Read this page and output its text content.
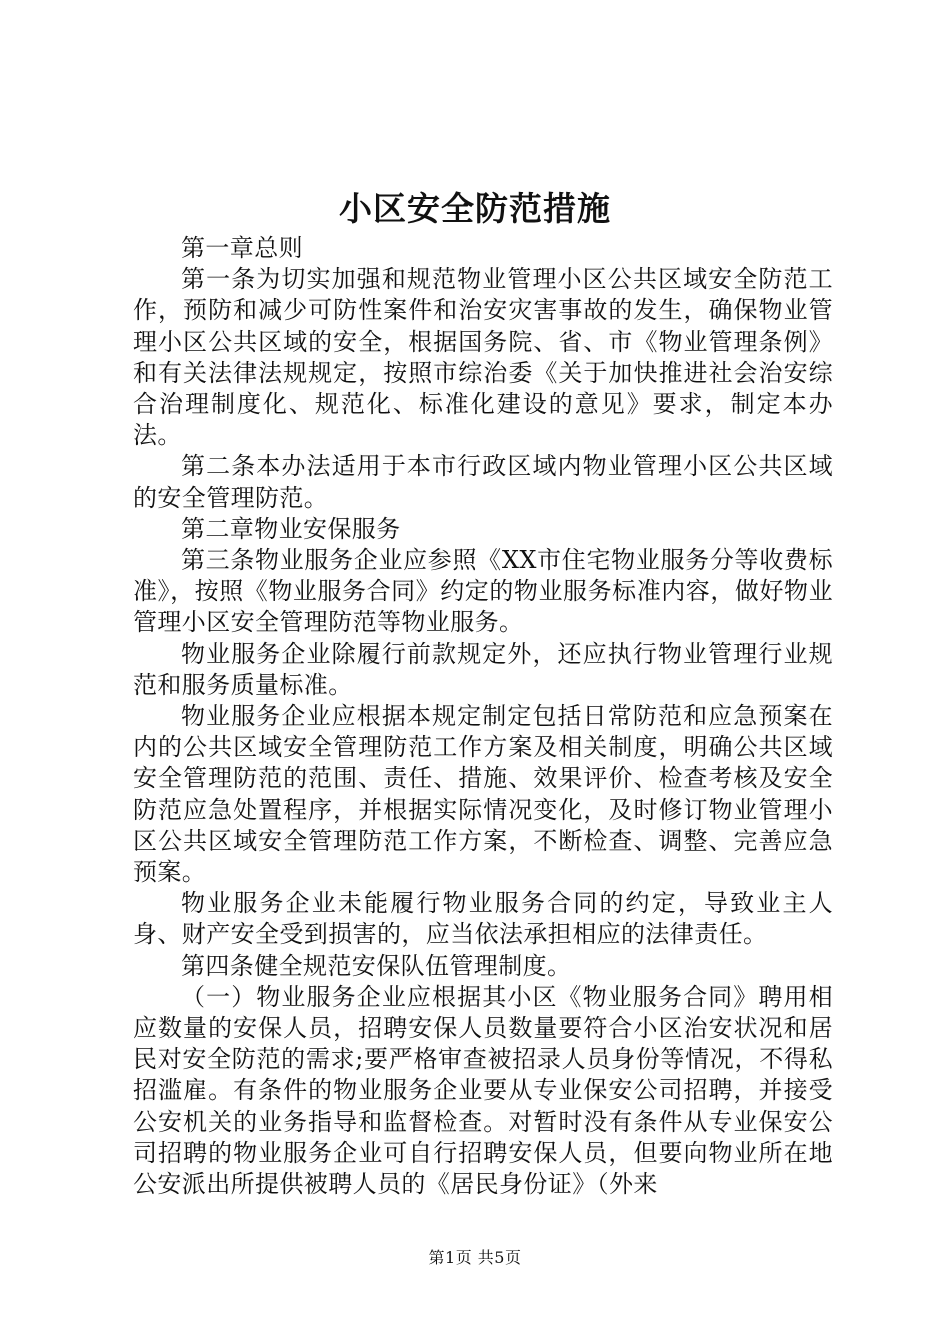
小区安全防范措施

第一章总则

第一条为切实加强和规范物业管理小区公共区域安全防范工作，预防和减少可防性案件和治安灾害事故的发生，确保物业管理小区公共区域的安全，根据国务院、省、市《物业管理条例》和有关法律法规规定，按照市综治委《关于加快推进社会治安综合治理制度化、规范化、标准化建设的意见》要求，制定本办法。

第二条本办法适用于本市行政区域内物业管理小区公共区域的安全管理防范。

第二章物业安保服务

第三条物业服务企业应参照《XX市住宅物业服务分等收费标准》，按照《物业服务合同》约定的物业服务标准内容，做好物业管理小区安全管理防范等物业服务。

物业服务企业除履行前款规定外，还应执行物业管理行业规范和服务质量标准。

物业服务企业应根据本规定制定包括日常防范和应急预案在内的公共区域安全管理防范工作方案及相关制度，明确公共区域安全管理防范的范围、责任、措施、效果评价、检查考核及安全防范应急处置程序，并根据实际情况变化，及时修订物业管理小区公共区域安全管理防范工作方案，不断检查、调整、完善应急预案。

物业服务企业未能履行物业服务合同的约定，导致业主人身、财产安全受到损害的，应当依法承担相应的法律责任。

第四条健全规范安保队伍管理制度。

（一）物业服务企业应根据其小区《物业服务合同》聘用相应数量的安保人员，招聘安保人员数量要符合小区治安状况和居民对安全防范的需求;要严格审查被招录人员身份等情况，不得私招滥雇。有条件的物业服务企业要从专业保安公司招聘，并接受公安机关的业务指导和监督检查。对暂时没有条件从专业保安公司招聘的物业服务企业可自行招聘安保人员，但要向物业所在地公安派出所提供被聘人员的《居民身份证》（外来

第1页 共5页
